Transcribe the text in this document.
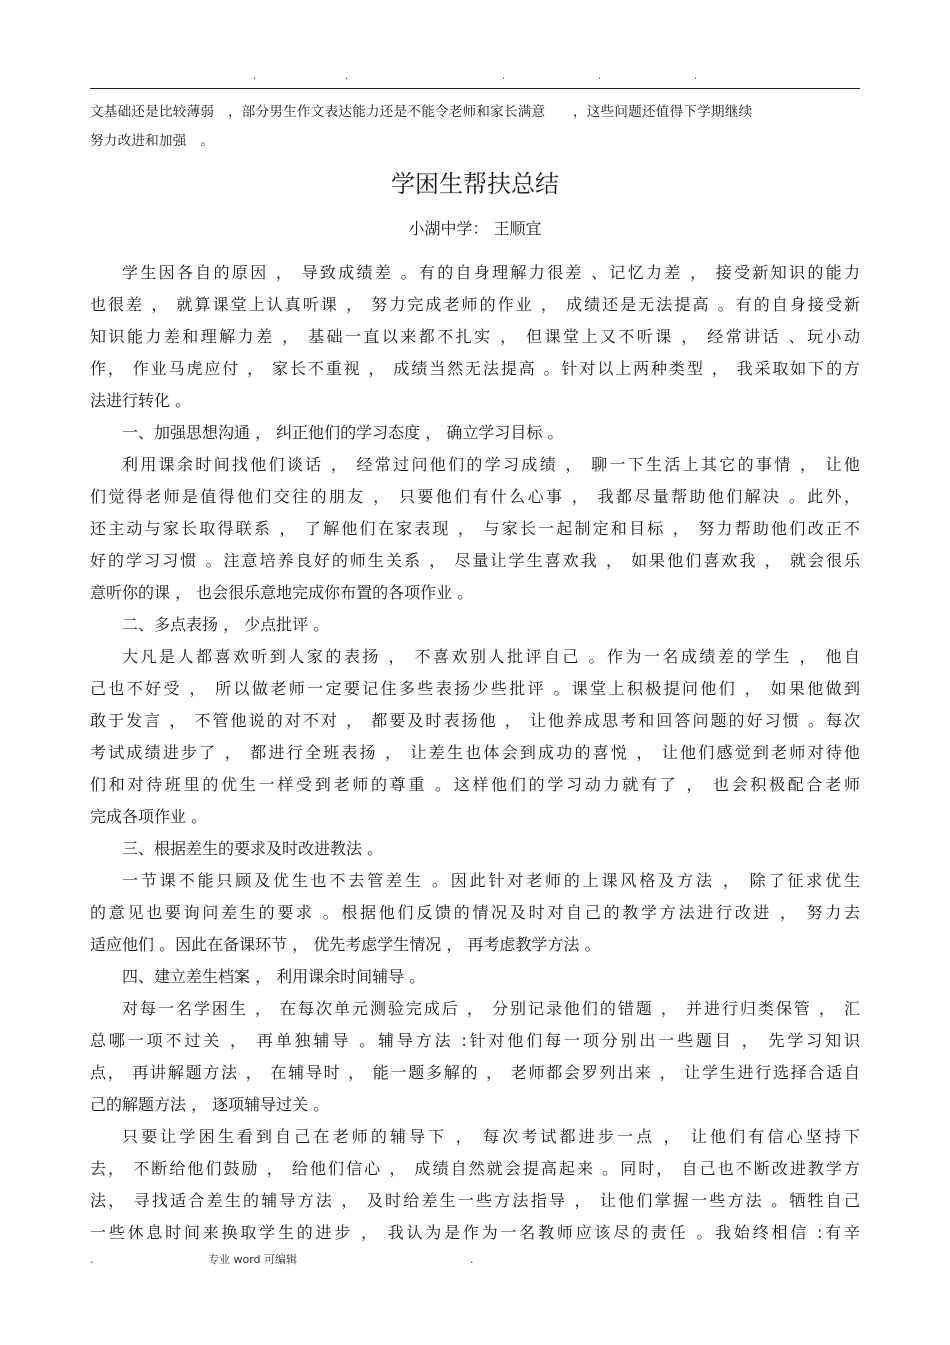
.	.	.	.	.
文基础还是比较薄弱　，部分男生作文表达能力还是不能令老师和家长满意　　，这些问题还值得下学期继续
努力改进和加强　。
学困生帮扶总结
小湖中学： 王顺宜
学生因各自的原因 ， 导致成绩差 。有的自身理解力很差 、记忆力差 ， 接受新知识的能力
也很差 ， 就算课堂上认真听课 ， 努力完成老师的作业 ， 成绩还是无法提高 。有的自身接受新
知识能力差和理解力差 ， 基础一直以来都不扎实 ， 但课堂上又不听课 ， 经常讲话 、玩小动
作， 作业马虎应付 ， 家长不重视 ， 成绩当然无法提高 。针对以上两种类型 ， 我采取如下的方
法进行转化 。
一、加强思想沟通 ， 纠正他们的学习态度 ， 确立学习目标 。
利用课余时间找他们谈话 ， 经常过问他们的学习成绩 ， 聊一下生活上其它的事情 ， 让他
们觉得老师是值得他们交往的朋友 ， 只要他们有什么心事 ， 我都尽量帮助他们解决 。此外，
还主动与家长取得联系 ， 了解他们在家表现 ， 与家长一起制定和目标 ， 努力帮助他们改正不
好的学习习惯 。注意培养良好的师生关系 ， 尽量让学生喜欢我 ， 如果他们喜欢我 ， 就会很乐
意听你的课 ， 也会很乐意地完成你布置的各项作业 。
二、多点表扬 ， 少点批评 。
大凡是人都喜欢听到人家的表扬 ， 不喜欢别人批评自己 。作为一名成绩差的学生 ， 他自
己也不好受 ， 所以做老师一定要记住多些表扬少些批评 。课堂上积极提问他们 ， 如果他做到
敢于发言 ， 不管他说的对不对 ， 都要及时表扬他 ， 让他养成思考和回答问题的好习惯 。每次
考试成绩进步了 ， 都进行全班表扬 ， 让差生也体会到成功的喜悦 ， 让他们感觉到老师对待他
们和对待班里的优生一样受到老师的尊重 。这样他们的学习动力就有了 ， 也会积极配合老师
完成各项作业 。
三、根据差生的要求及时改进教法 。
一节课不能只顾及优生也不去管差生 。因此针对老师的上课风格及方法 ， 除了征求优生
的意见也要询问差生的要求 。根据他们反馈的情况及时对自己的教学方法进行改进 ， 努力去
适应他们 。因此在备课环节 ， 优先考虑学生情况 ， 再考虑教学方法 。
四、建立差生档案 ， 利用课余时间辅导 。
对每一名学困生 ， 在每次单元测验完成后 ， 分别记录他们的错题 ， 并进行归类保管 ， 汇
总哪一项不过关 ， 再单独辅导 。辅导方法 :针对他们每一项分别出一些题目 ， 先学习知识
点， 再讲解题方法 ， 在辅导时 ， 能一题多解的 ， 老师都会罗列出来 ， 让学生进行选择合适自
己的解题方法 ， 逐项辅导过关 。
只要让学困生看到自己在老师的辅导下 ， 每次考试都进步一点 ， 让他们有信心坚持下
去， 不断给他们鼓励 ， 给他们信心 ， 成绩自然就会提高起来 。同时， 自己也不断改进教学方
法， 寻找适合差生的辅导方法 ， 及时给差生一些方法指导 ， 让他们掌握一些方法 。牺牲自己
一些休息时间来换取学生的进步 ， 我认为是作为一名教师应该尽的责任 。我始终相信 :有辛
.	专业 word 可编辑	.
